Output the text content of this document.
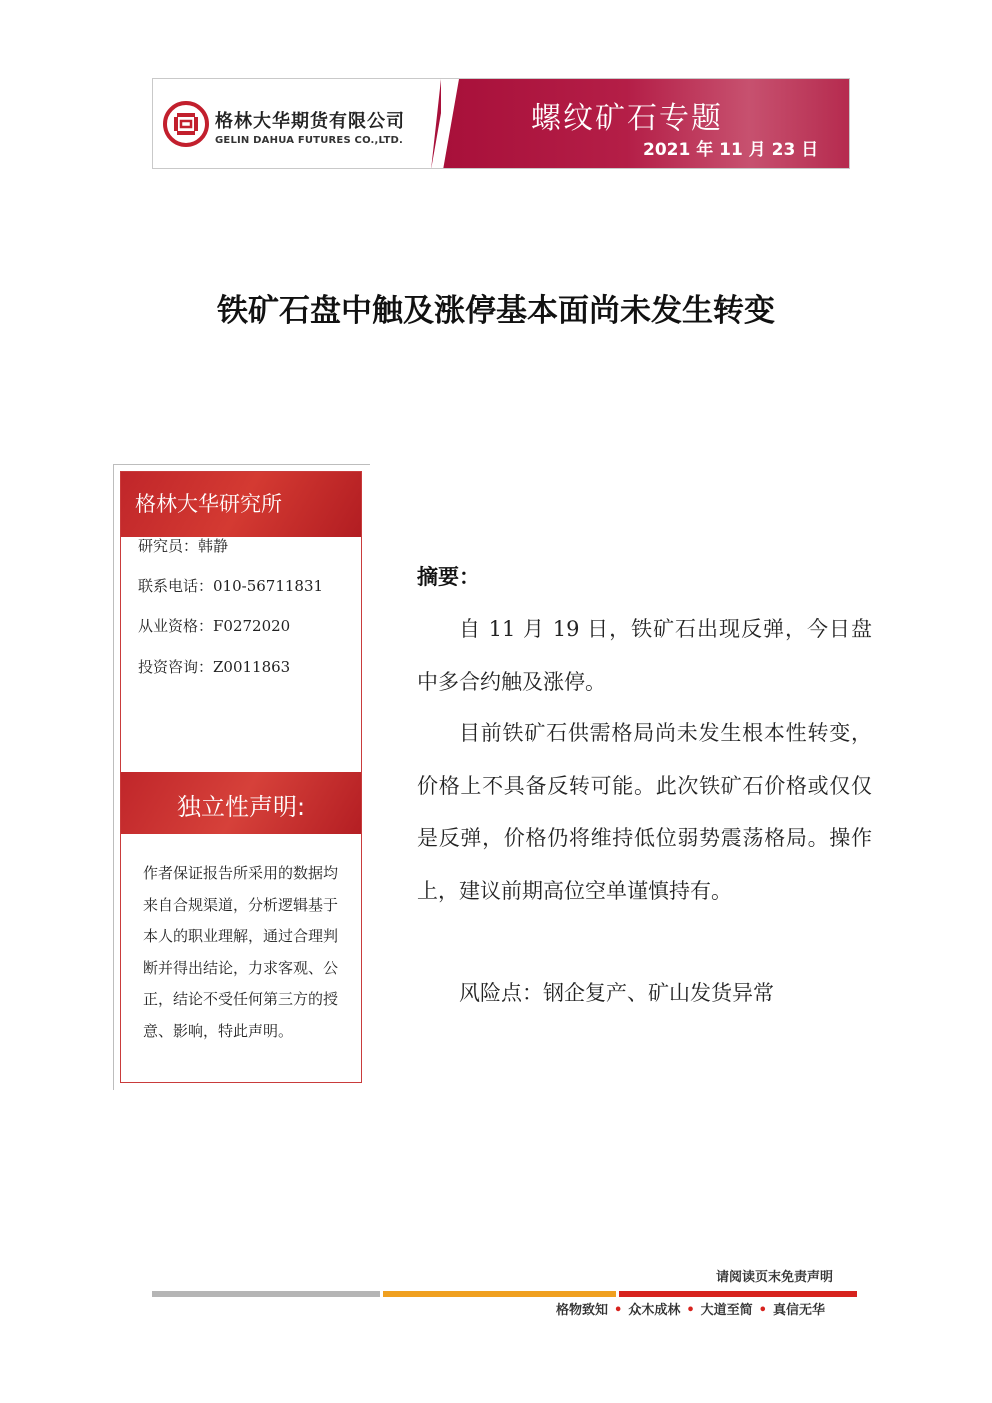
格林大华期货有限公司
GELIN DAHUA FUTURES CO.,LTD.
螺纹矿石专题
2021 年 11 月 23 日
铁矿石盘中触及涨停基本面尚未发生转变
格林大华研究所
研究员：韩静
联系电话：010-56711831
从业资格：F0272020
投资咨询：Z0011863
独立性声明:
作者保证报告所采用的数据均来自合规渠道，分析逻辑基于本人的职业理解，通过合理判断并得出结论，力求客观、公正，结论不受任何第三方的授意、影响，特此声明。
摘要：
自 11 月 19 日，铁矿石出现反弹，今日盘中多合约触及涨停。
目前铁矿石供需格局尚未发生根本性转变，价格上不具备反转可能。此次铁矿石价格或仅仅是反弹，价格仍将维持低位弱势震荡格局。操作上，建议前期高位空单谨慎持有。
风险点：钢企复产、矿山发货异常
请阅读页末免责声明
格物致知 • 众木成林 • 大道至简 • 真信无华
